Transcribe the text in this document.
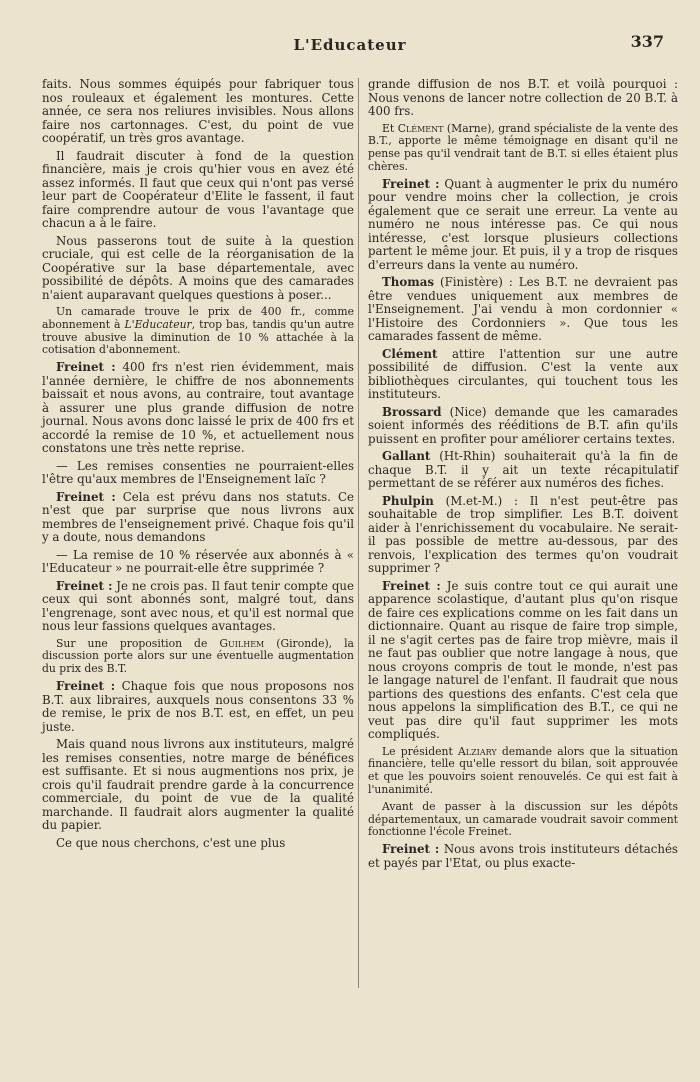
L'Educateur	337

faits. Nous sommes équipés pour fabriquer tous nos rouleaux et également les montures. Cette année, ce sera nos reliures invisibles. Nous allons faire nos cartonnages. C'est, du point de vue coopératif, un très gros avantage.

Il faudrait discuter à fond de la question financière, mais je crois qu'hier vous en avez été assez informés. Il faut que ceux qui n'ont pas versé leur part de Coopérateur d'Elite le fassent, il faut faire comprendre autour de vous l'avantage que chacun a à le faire.

Nous passerons tout de suite à la question cruciale, qui est celle de la réorganisation de la Coopérative sur la base départementale, avec possibilité de dépôts. A moins que des camarades n'aient auparavant quelques questions à poser...

Un camarade trouve le prix de 400 fr., comme abonnement à L'Educateur, trop bas, tandis qu'un autre trouve abusive la diminution de 10 % attachée à la cotisation d'abonnement.

Freinet : 400 frs n'est rien évidemment, mais l'année dernière, le chiffre de nos abonnements baissait et nous avons, au contraire, tout avantage à assurer une plus grande diffusion de notre journal. Nous avons donc laissé le prix de 400 frs et accordé la remise de 10 %, et actuellement nous constatons une très nette reprise.

— Les remises consenties ne pourraient-elles l'être qu'aux membres de l'Enseignement laïc ?

Freinet : Cela est prévu dans nos statuts. Ce n'est que par surprise que nous livrons aux membres de l'enseignement privé. Chaque fois qu'il y a doute, nous demandons

— La remise de 10 % réservée aux abonnés à « l'Educateur » ne pourrait-elle être supprimée ?

Freinet : Je ne crois pas. Il faut tenir compte que ceux qui sont abonnés sont, malgré tout, dans l'engrenage, sont avec nous, et qu'il est normal que nous leur fassions quelques avantages.

Sur une proposition de Guilhem (Gironde), la discussion porte alors sur une éventuelle augmentation du prix des B.T.

Freinet : Chaque fois que nous proposons nos B.T. aux libraires, auxquels nous consentons 33 % de remise, le prix de nos B.T. est, en effet, un peu juste.

Mais quand nous livrons aux instituteurs, malgré les remises consenties, notre marge de bénéfices est suffisante. Et si nous augmentions nos prix, je crois qu'il faudrait prendre garde à la concurrence commerciale, du point de vue de la qualité marchande. Il faudrait alors augmenter la qualité du papier.

Ce que nous cherchons, c'est une plus

grande diffusion de nos B.T. et voilà pourquoi : Nous venons de lancer notre collection de 20 B.T. à 400 frs.

Et Clément (Marne), grand spécialiste de la vente des B.T., apporte le même témoignage en disant qu'il ne pense pas qu'il vendrait tant de B.T. si elles étaient plus chères.

Freinet : Quant à augmenter le prix du numéro pour vendre moins cher la collection, je crois également que ce serait une erreur. La vente au numéro ne nous intéresse pas. Ce qui nous intéresse, c'est lorsque plusieurs collections partent le même jour. Et puis, il y a trop de risques d'erreurs dans la vente au numéro.

Thomas (Finistère) : Les B.T. ne devraient pas être vendues uniquement aux membres de l'Enseignement. J'ai vendu à mon cordonnier « l'Histoire des Cordonniers ». Que tous les camarades fassent de même.

Clément attire l'attention sur une autre possibilité de diffusion. C'est la vente aux bibliothèques circulantes, qui touchent tous les instituteurs.

Brossard (Nice) demande que les camarades soient informés des rééditions de B.T. afin qu'ils puissent en profiter pour améliorer certains textes.

Gallant (Ht-Rhin) souhaiterait qu'à la fin de chaque B.T. il y ait un texte récapitulatif permettant de se référer aux numéros des fiches.

Phulpin (M.et-M.) : Il n'est peut-être pas souhaitable de trop simplifier. Les B.T. doivent aider à l'enrichissement du vocabulaire. Ne serait-il pas possible de mettre au-dessous, par des renvois, l'explication des termes qu'on voudrait supprimer ?

Freinet : Je suis contre tout ce qui aurait une apparence scolastique, d'autant plus qu'on risque de faire ces explications comme on les fait dans un dictionnaire. Quant au risque de faire trop simple, il ne s'agit certes pas de faire trop mièvre, mais il ne faut pas oublier que notre langage à nous, que nous croyons compris de tout le monde, n'est pas le langage naturel de l'enfant. Il faudrait que nous partions des questions des enfants. C'est cela que nous appelons la simplification des B.T., ce qui ne veut pas dire qu'il faut supprimer les mots compliqués.

Le président Alziary demande alors que la situation financière, telle qu'elle ressort du bilan, soit approuvée et que les pouvoirs soient renouvelés. Ce qui est fait à l'unanimité.

Avant de passer à la discussion sur les dépôts départementaux, un camarade voudrait savoir comment fonctionne l'école Freinet.

Freinet : Nous avons trois instituteurs détachés et payés par l'Etat, ou plus exacte-
